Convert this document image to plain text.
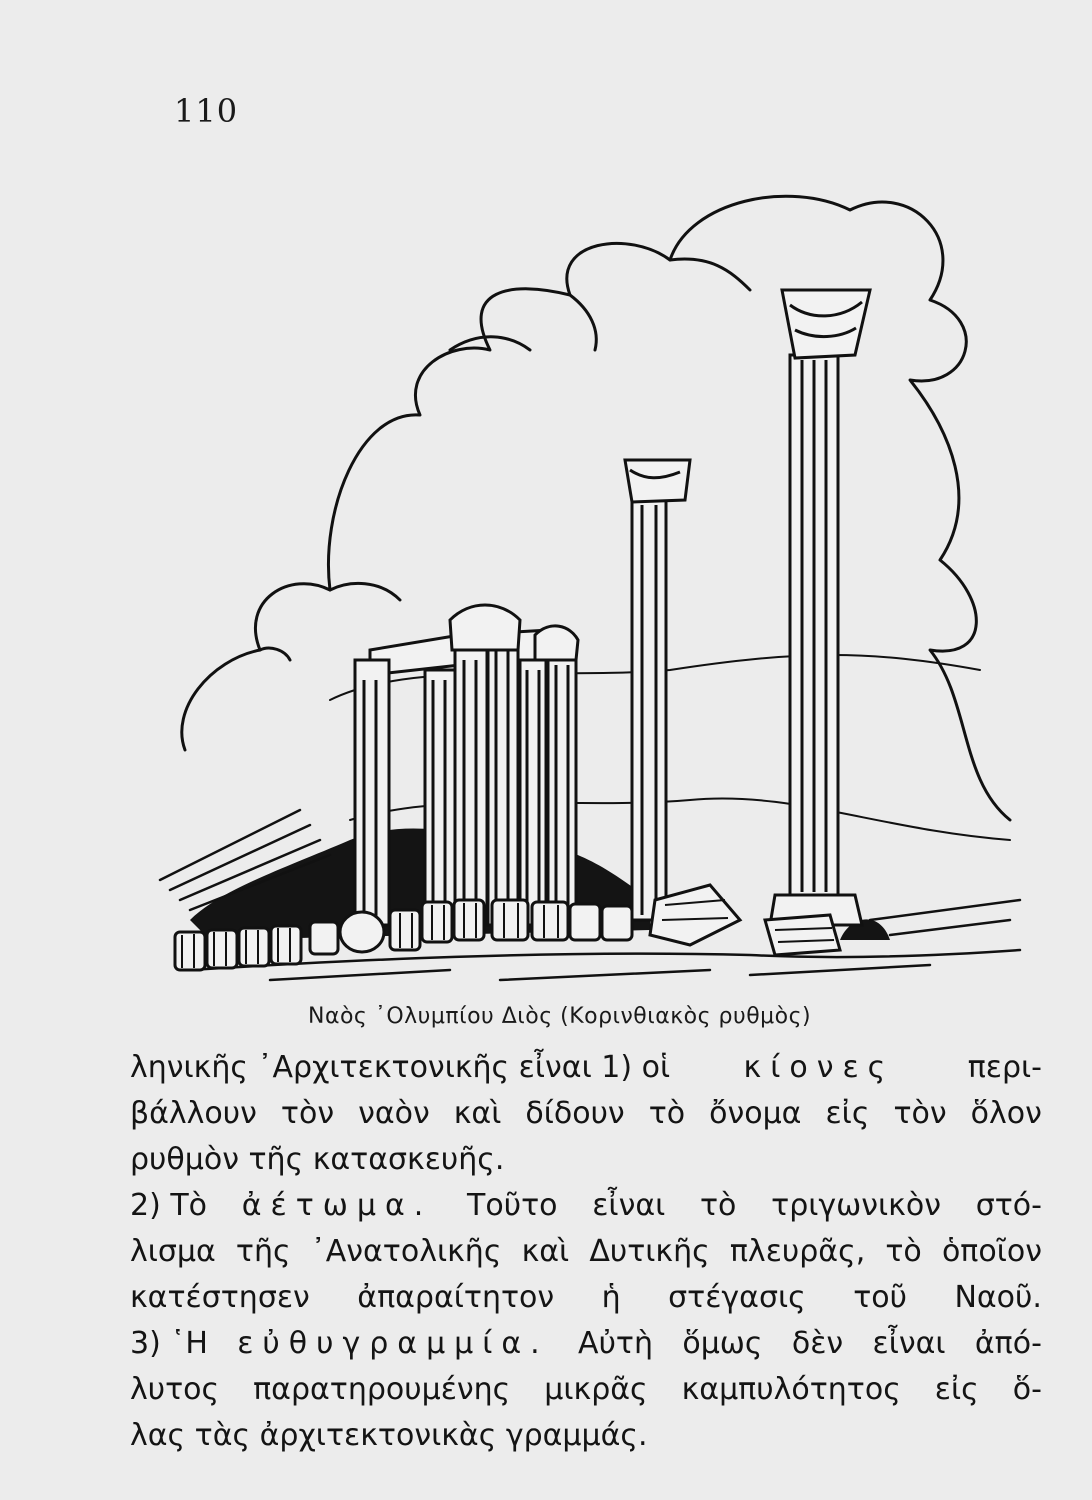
110
Ναὸς ᾿Ολυμπίου Διὸς (Κορινθιακὸς ρυθμὸς)
ληνικῆς ᾿Αρχιτεκτονικῆς εἶναι 1) οἱ κίονες περι-
βάλλουν τὸν ναὸν καὶ δίδουν τὸ ὄνομα εἰς τὸν ὅλον
ρυθμὸν τῆς κατασκευῆς.
2) Τὸ ἀέτωμα. Τοῦτο εἶναι τὸ τριγωνικὸν στό-
λισμα τῆς ᾿Ανατολικῆς καὶ Δυτικῆς πλευρᾶς, τὸ ὁποῖον
κατέστησεν ἀπαραίτητον ἡ στέγασις τοῦ Ναοῦ.
3) ῾Η εὐθυγραμμία. Αὐτὴ ὅμως δὲν εἶναι ἀπό-
λυτος παρατηρουμένης μικρᾶς καμπυλότητος εἰς ὅ-
λας τὰς ἀρχιτεκτονικὰς γραμμάς.
